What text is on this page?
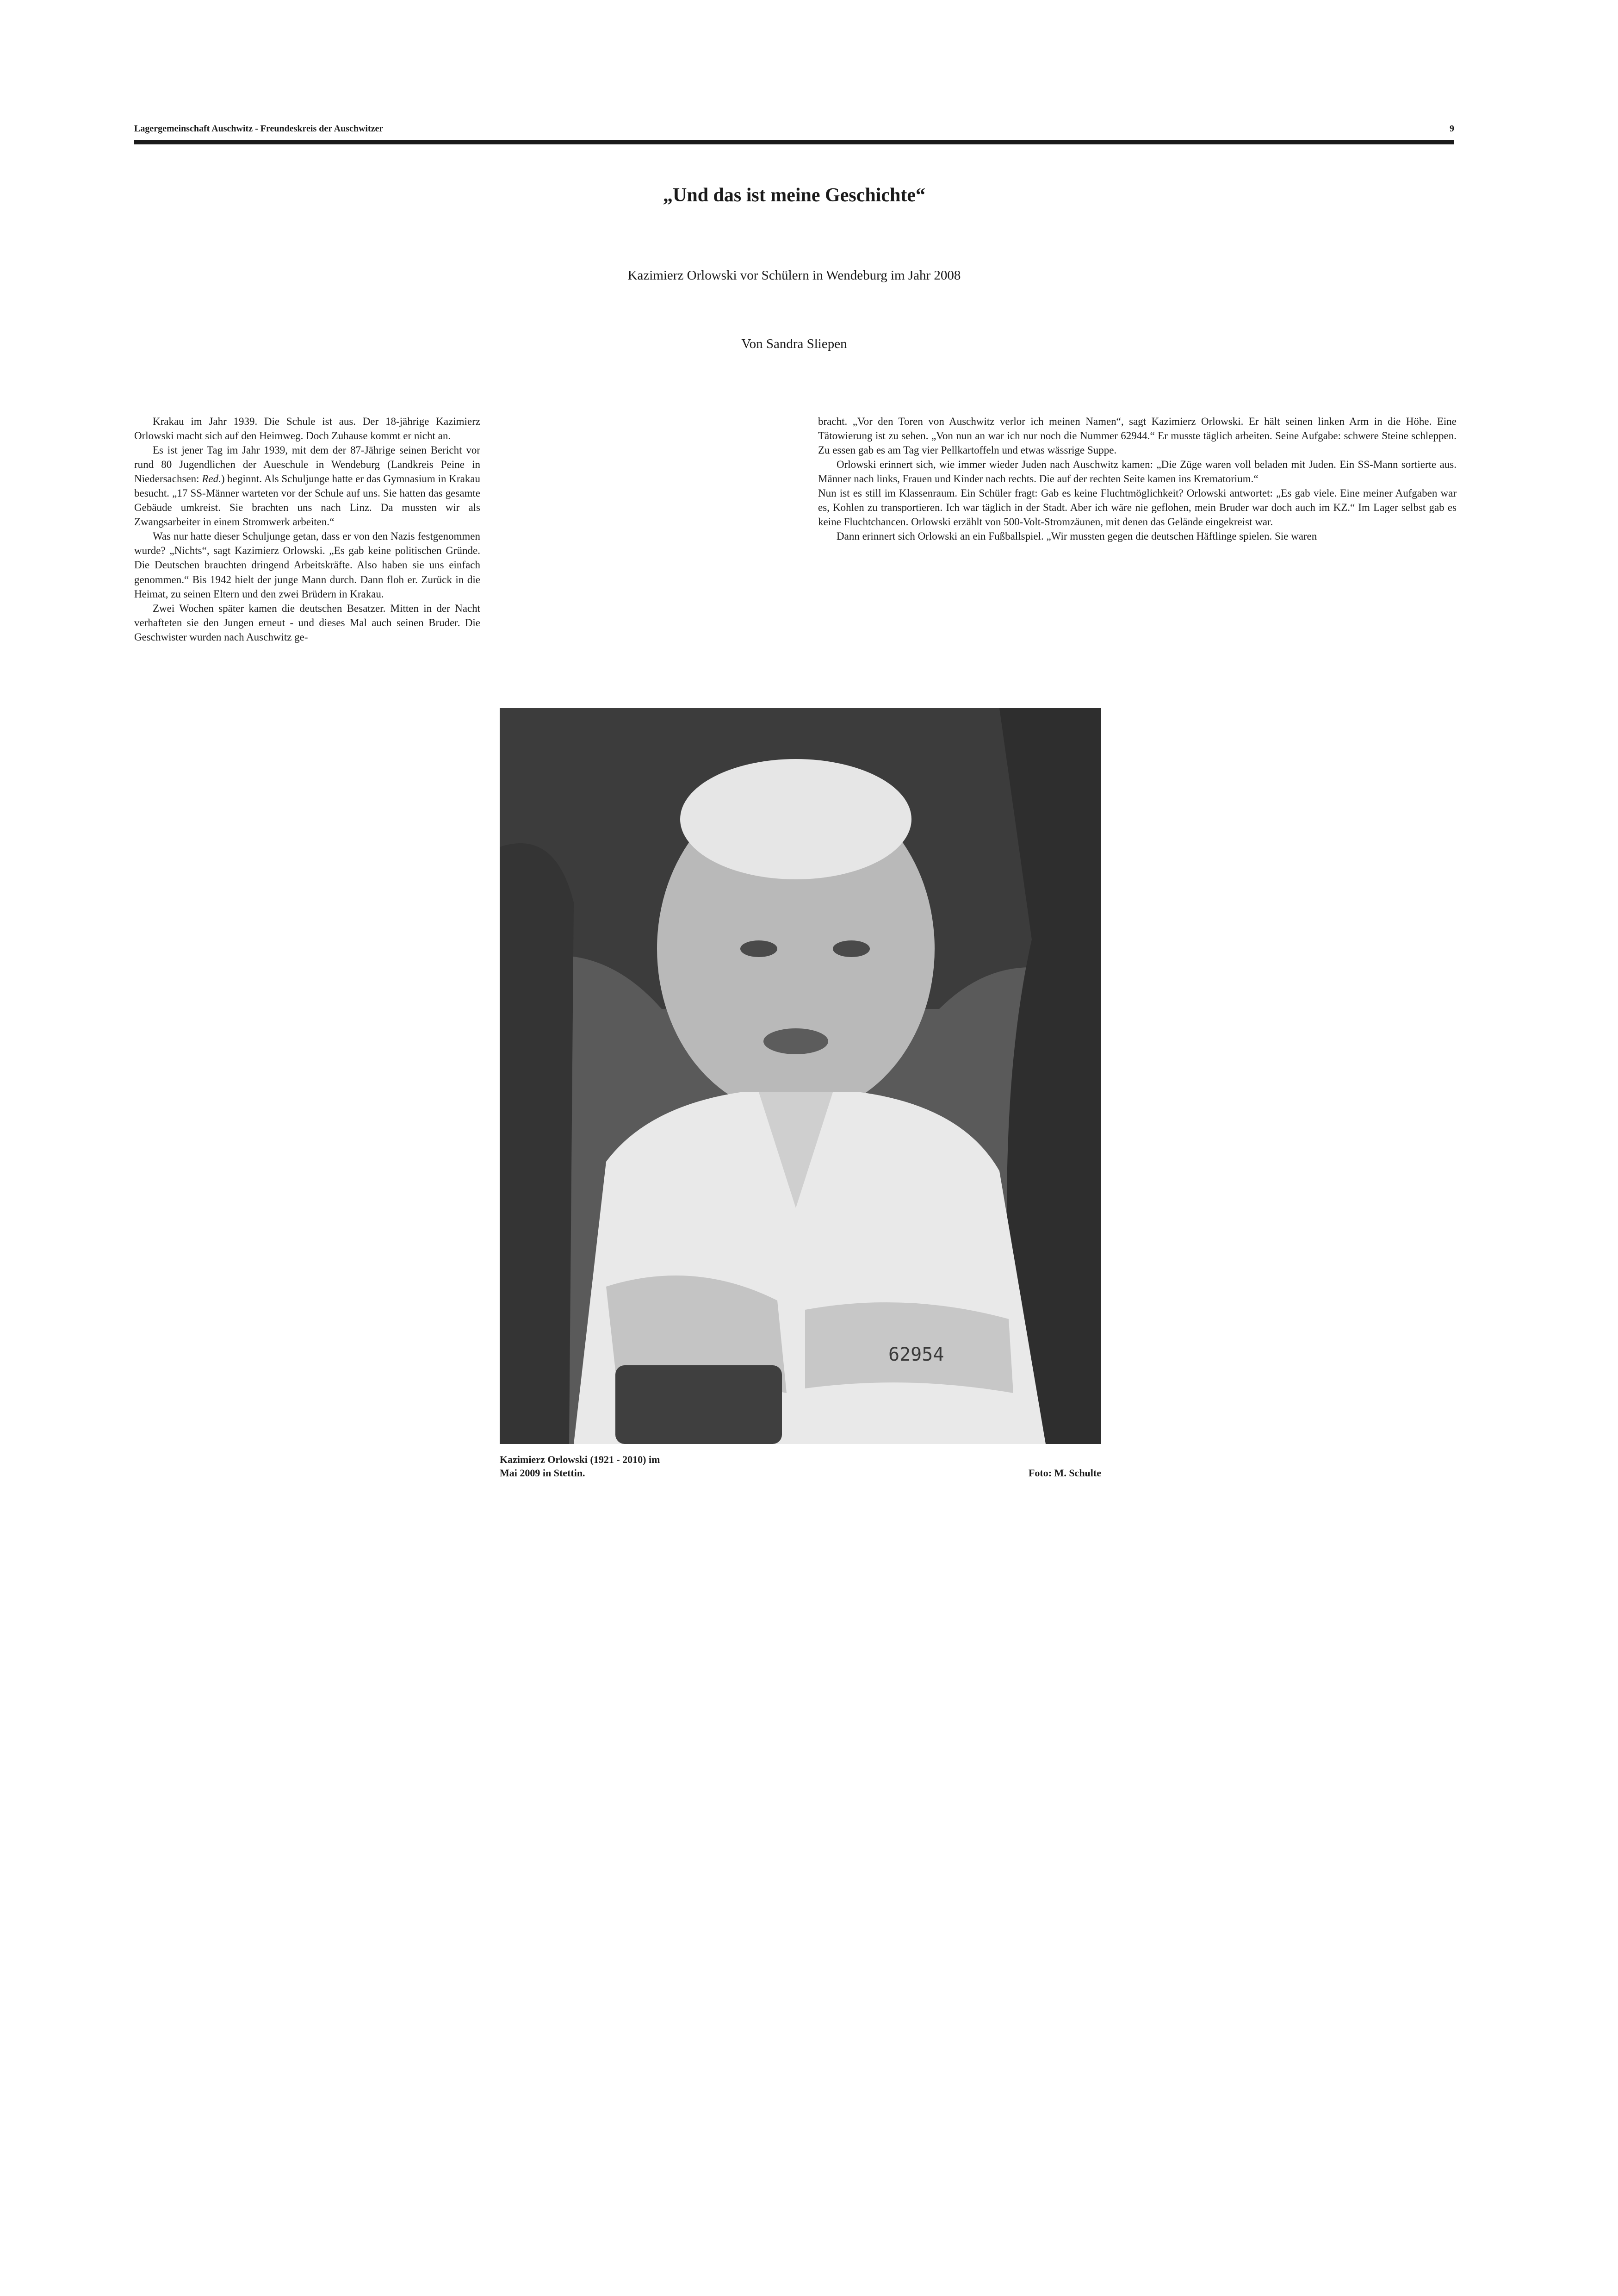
Lagergemeinschaft Auschwitz - Freundeskreis der Auschwitzer	9
„Und das ist meine Geschichte“
Kazimierz Orlowski vor Schülern in Wendeburg im Jahr 2008
Von Sandra Sliepen

Krakau im Jahr 1939. Die Schule ist aus. Der 18-jährige Kazimierz Orlowski macht sich auf den Heimweg. Doch Zuhause kommt er nicht an.

Es ist jener Tag im Jahr 1939, mit dem der 87-Jährige seinen Bericht vor rund 80 Jugendlichen der Aueschule in Wendeburg (Landkreis Peine in Niedersachsen: Red.) beginnt. Als Schuljunge hatte er das Gymnasium in Krakau besucht. „17 SS-Männer warteten vor der Schule auf uns. Sie hatten das gesamte Gebäude umkreist. Sie brachten uns nach Linz. Da mussten wir als Zwangsarbeiter in einem Stromwerk arbeiten.“

Was nur hatte dieser Schuljunge getan, dass er von den Nazis festgenommen wurde? „Nichts“, sagt Kazimierz Orlowski. „Es gab keine politischen Gründe. Die Deutschen brauchten dringend Arbeitskräfte. Also haben sie uns einfach genommen.“ Bis 1942 hielt der junge Mann durch. Dann floh er. Zurück in die Heimat, zu seinen Eltern und den zwei Brüdern in Krakau.

Zwei Wochen später kamen die deutschen Besatzer. Mitten in der Nacht verhafteten sie den Jungen erneut - und dieses Mal auch seinen Bruder. Die Geschwister wurden nach Auschwitz ge-

bracht. „Vor den Toren von Auschwitz verlor ich meinen Namen“, sagt Kazimierz Orlowski. Er hält seinen linken Arm in die Höhe. Eine Tätowierung ist zu sehen. „Von nun an war ich nur noch die Nummer 62944.“ Er musste täglich arbeiten. Seine Aufgabe: schwere Steine schleppen. Zu essen gab es am Tag vier Pellkartoffeln und etwas wässrige Suppe.

Orlowski erinnert sich, wie immer wieder Juden nach Auschwitz kamen: „Die Züge waren voll beladen mit Juden. Ein SS-Mann sortierte aus. Männer nach links, Frauen und Kinder nach rechts. Die auf der rechten Seite kamen ins Krematorium.“

Nun ist es still im Klassenraum. Ein Schüler fragt: Gab es keine Fluchtmöglichkeit? Orlowski antwortet: „Es gab viele. Eine meiner Aufgaben war es, Kohlen zu transportieren. Ich war täglich in der Stadt. Aber ich wäre nie geflohen, mein Bruder war doch auch im KZ.“ Im Lager selbst gab es keine Fluchtchancen. Orlowski erzählt von 500-Volt-Stromzäunen, mit denen das Gelände eingekreist war.

Dann erinnert sich Orlowski an ein Fußballspiel. „Wir mussten gegen die deutschen Häftlinge spielen. Sie waren

62954
Kazimierz Orlowski (1921 - 2010) im
Mai 2009 in Stettin.	Foto: M. Schulte
